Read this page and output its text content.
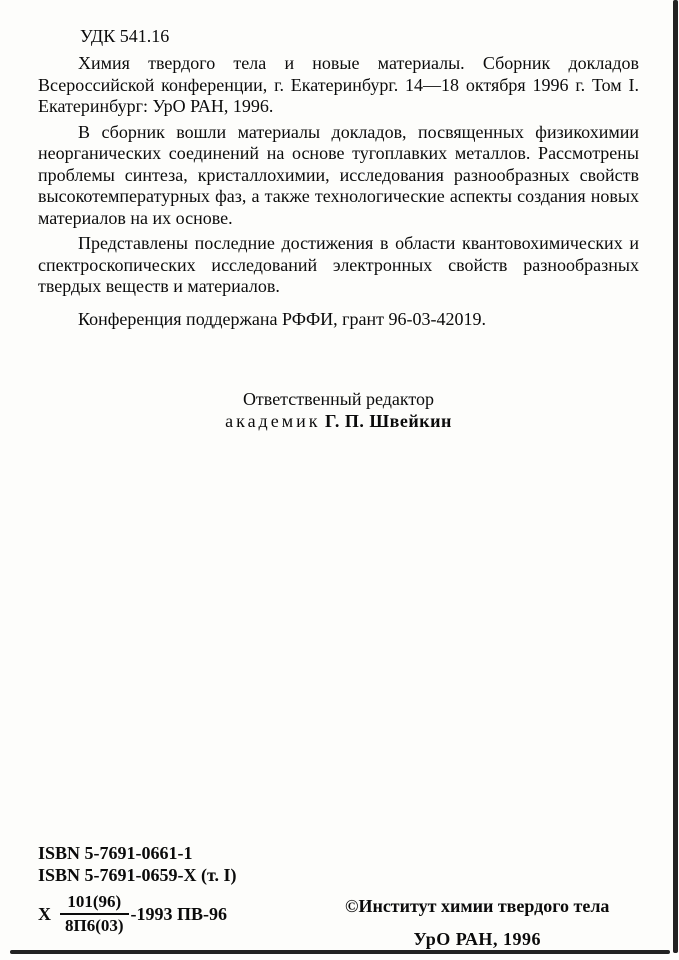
УДК 541.16

Химия твердого тела и новые материалы. Сборник докладов Всероссийской конференции, г. Екатеринбург. 14—18 октября 1996 г. Том I. Екатеринбург: УрО РАН, 1996.

В сборник вошли материалы докладов, посвященных физикохимии неорганических соединений на основе тугоплавких металлов. Рассмотрены проблемы синтеза, кристаллохимии, исследования разнообразных свойств высокотемпературных фаз, а также технологические аспекты создания новых материалов на их основе.

Представлены последние достижения в области квантовохимических и спектроскопических исследований электронных свойств разнообразных твердых веществ и материалов.

Конференция поддержана РФФИ, грант 96-03-42019.

Ответственный редактор
академик Г. П. Швейкин
ISBN 5-7691-0661-1
ISBN 5-7691-0659-X (т. I)
X $\frac{101(96)}{8П6(03)} -1993$ ПВ-96	©Институт химии твердого тела
УрО РАН, 1996
